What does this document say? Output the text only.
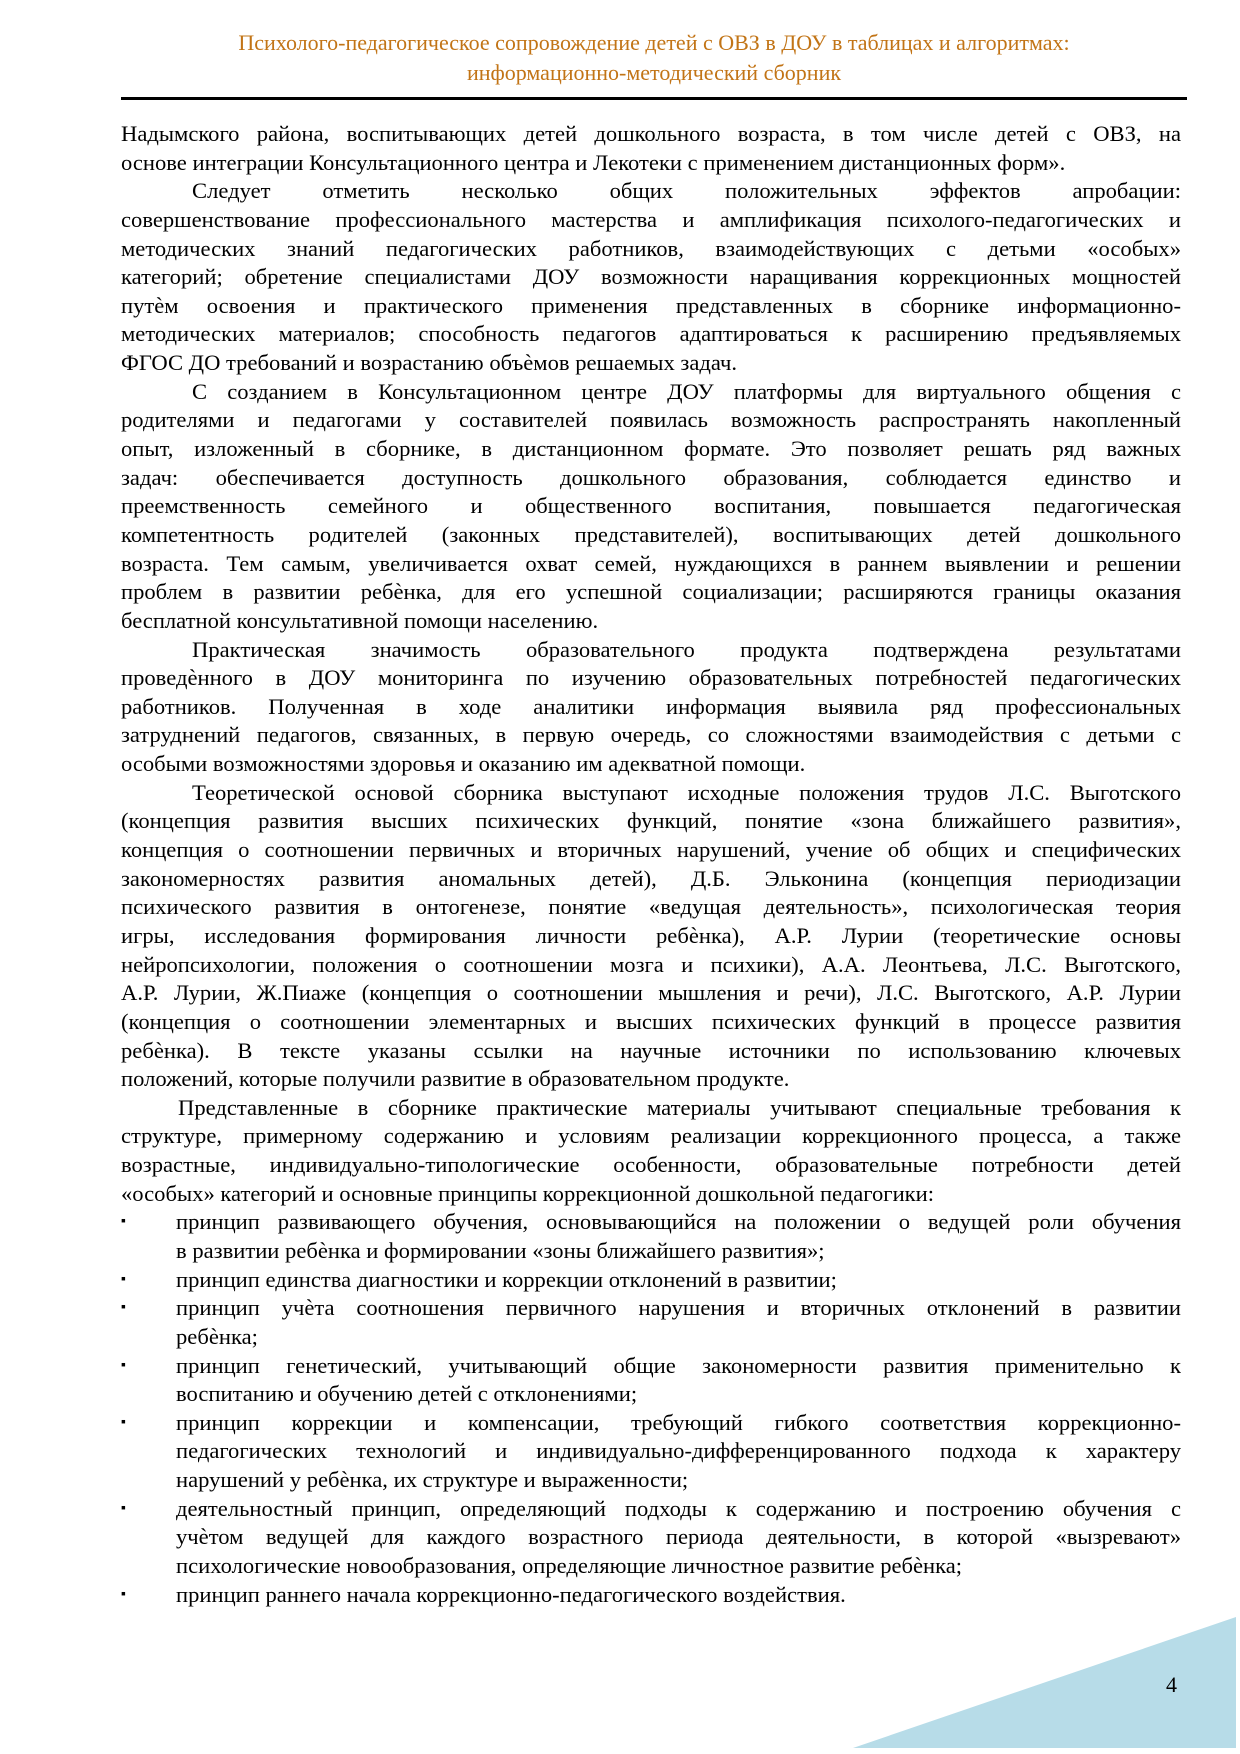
Психолого-педагогическое сопровождение детей с ОВЗ в ДОУ в таблицах и алгоритмах:
информационно-методический сборник
Надымского района, воспитывающих детей дошкольного возраста, в том числе детей с ОВЗ, на
основе интеграции Консультационного центра и Лекотеки с применением дистанционных форм».
Следует отметить несколько общих положительных эффектов апробации:
совершенствование профессионального мастерства и амплификация психолого-педагогических и
методических знаний педагогических работников, взаимодействующих с детьми «особых»
категорий; обретение специалистами ДОУ возможности наращивания коррекционных мощностей
путѐм освоения и практического применения представленных в сборнике информационно-
методических материалов; способность педагогов адаптироваться к расширению предъявляемых
ФГОС ДО требований и возрастанию объѐмов решаемых задач.
С созданием в Консультационном центре ДОУ платформы для виртуального общения с
родителями и педагогами у составителей появилась возможность распространять накопленный
опыт, изложенный в сборнике, в дистанционном формате. Это позволяет решать ряд важных
задач: обеспечивается доступность дошкольного образования, соблюдается единство и
преемственность семейного и общественного воспитания, повышается педагогическая
компетентность родителей (законных представителей), воспитывающих детей дошкольного
возраста. Тем самым, увеличивается охват семей, нуждающихся в раннем выявлении и решении
проблем в развитии ребѐнка, для его успешной социализации; расширяются границы оказания
бесплатной консультативной помощи населению.
Практическая значимость образовательного продукта подтверждена результатами
проведѐнного в ДОУ мониторинга по изучению образовательных потребностей педагогических
работников. Полученная в ходе аналитики информация выявила ряд профессиональных
затруднений педагогов, связанных, в первую очередь, со сложностями взаимодействия с детьми с
особыми возможностями здоровья и оказанию им адекватной помощи.
Теоретической основой сборника выступают исходные положения трудов Л.С. Выготского
(концепция развития высших психических функций, понятие «зона ближайшего развития»,
концепция о соотношении первичных и вторичных нарушений, учение об общих и специфических
закономерностях развития аномальных детей), Д.Б. Эльконина (концепция периодизации
психического развития в онтогенезе, понятие «ведущая деятельность», психологическая теория
игры, исследования формирования личности ребѐнка), А.Р. Лурии (теоретические основы
нейропсихологии, положения о соотношении мозга и психики), А.А. Леонтьева, Л.С. Выготского,
А.Р. Лурии, Ж.Пиаже (концепция о соотношении мышления и речи), Л.С. Выготского, А.Р. Лурии
(концепция о соотношении элементарных и высших психических функций в процессе развития
ребѐнка). В тексте указаны ссылки на научные источники по использованию ключевых
положений, которые получили развитие в образовательном продукте.
Представленные в сборнике практические материалы учитывают специальные требования к
структуре, примерному содержанию и условиям реализации коррекционного процесса, а также
возрастные, индивидуально-типологические особенности, образовательные потребности детей
«особых» категорий и основные принципы коррекционной дошкольной педагогики:
▪	принцип развивающего обучения, основывающийся на положении о ведущей роли обучения
в развитии ребѐнка и формировании «зоны ближайшего развития»;
▪	принцип единства диагностики и коррекции отклонений в развитии;
▪	принцип учѐта соотношения первичного нарушения и вторичных отклонений в развитии
ребѐнка;
▪	принцип генетический, учитывающий общие закономерности развития применительно к
воспитанию и обучению детей с отклонениями;
▪	принцип коррекции и компенсации, требующий гибкого соответствия коррекционно-
педагогических технологий и индивидуально-дифференцированного подхода к характеру
нарушений у ребѐнка, их структуре и выраженности;
▪	деятельностный принцип, определяющий подходы к содержанию и построению обучения с
учѐтом ведущей для каждого возрастного периода деятельности, в которой «вызревают»
психологические новообразования, определяющие личностное развитие ребѐнка;
▪	принцип раннего начала коррекционно-педагогического воздействия.
4
